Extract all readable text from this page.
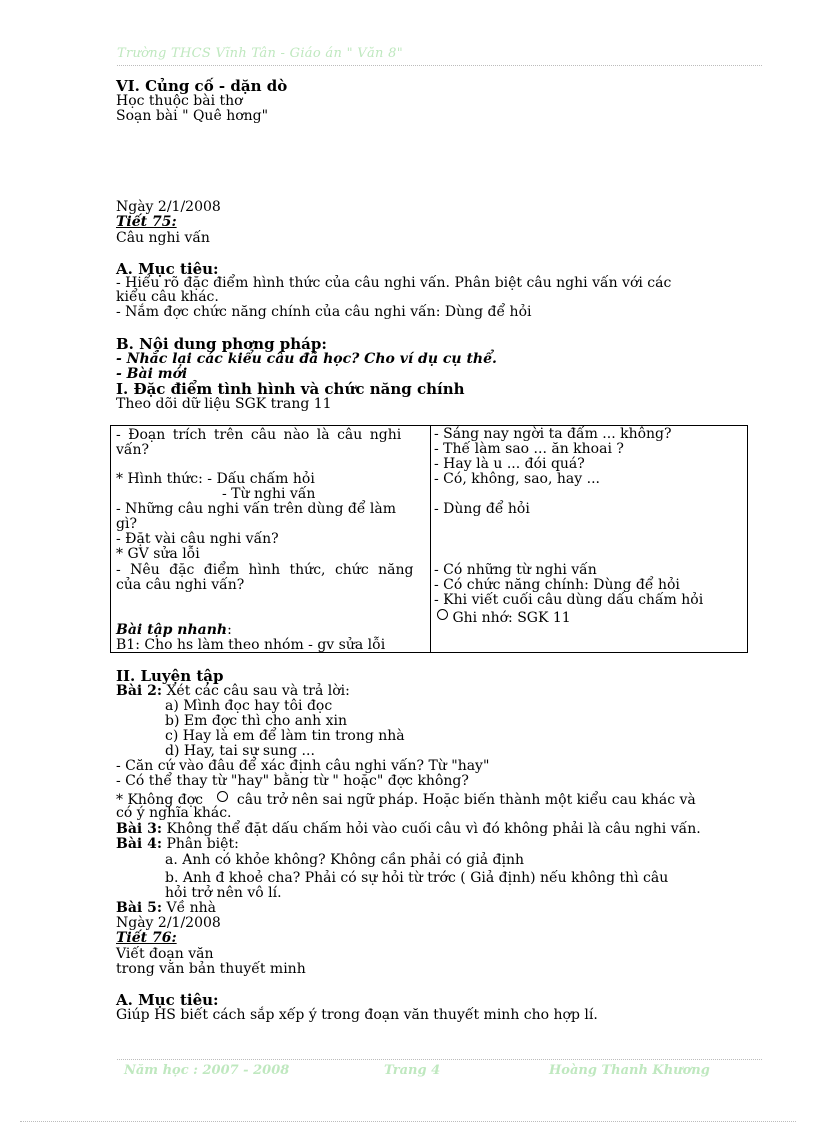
Trường THCS Vĩnh Tân - Giáo án " Văn 8"
VI. Củng cố - dặn dò
Học thuộc bài thơ
Soạn bài " Quê hơng"
Ngày 2/1/2008
Tiết 75:
Câu nghi vấn
A. Mục tiêu:
- Hiểu rõ đặc điểm hình thức của câu nghi vấn. Phân biệt câu nghi vấn với các
kiểu câu khác.
- Nắm đợc chức năng chính của câu nghi vấn: Dùng để hỏi
B. Nội dung phơng pháp:
- Nhắc lại các kiểu câu đã học? Cho ví dụ cụ thể.
- Bài mới
I. Đặc điểm tình hình và chức năng chính
Theo dõi dữ liệu SGK trang 11
- Đoạn trích trên câu nào là câu nghi
vấn?
* Hình thức: - Dấu chấm hỏi
- Từ nghi vấn
- Những câu nghi vấn trên dùng để làm
gì?
- Đặt vài câu nghi vấn?
* GV sửa lỗi
- Nêu đặc điểm hình thức, chức năng
của câu nghi vấn?
Bài tập nhanh:
B1: Cho hs làm theo nhóm - gv sửa lỗi
- Sáng nay ngời ta đấm ... không?
- Thế làm sao ... ăn khoai ?
- Hay là u ... đói quá?
- Có, không, sao, hay ...
- Dùng để hỏi
- Có những từ nghi vấn
- Có chức năng chính: Dùng để hỏi
- Khi viết cuối câu dùng dấu chấm hỏi
Ghi nhớ: SGK 11
II. Luyện tập
Bài 2: Xét các câu sau và trả lời:
a) Mình đọc hay tôi đọc
b) Em đợc thì cho anh xin
c) Hay là em để làm tin trong nhà
d) Hay, tai sự sung ...
- Căn cứ vào đâu để xác định câu nghi vấn? Từ "hay"
- Có thể thay từ "hay" bằng từ " hoặc" đợc không?
* Không đợc câu trở nên sai ngữ pháp. Hoặc biến thành một kiểu cau khác và
có ý nghĩa khác.
Bài 3: Không thể đặt dấu chấm hỏi vào cuối câu vì đó không phải là câu nghi vấn.
Bài 4: Phân biệt:
a. Anh có khỏe không? Không cần phải có giả định
b. Anh đ khoẻ cha? Phải có sự hỏi từ trớc ( Giả định) nếu không thì câu
hỏi trở nên vô lí.
Bài 5: Về nhà
Ngày 2/1/2008
Tiết 76:
Viết đoạn văn
trong văn bản thuyết minh
A. Mục tiêu:
Giúp HS biết cách sắp xếp ý trong đoạn văn thuyết minh cho hợp lí.
Năm học : 2007 - 2008	Trang 4	Hoàng Thanh Khương
